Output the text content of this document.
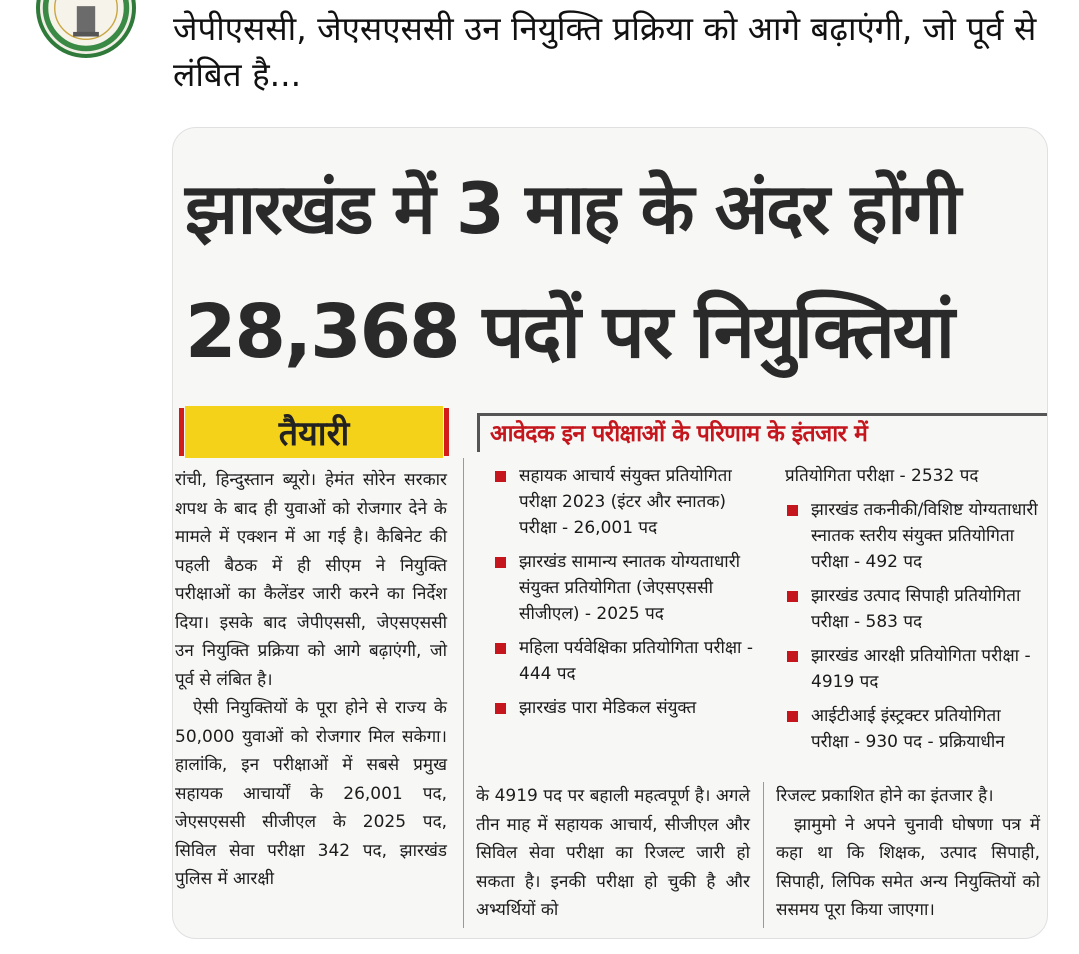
जेपीएससी, जेएसएससी उन नियुक्ति प्रक्रिया को आगे बढ़ाएंगी, जो पूर्व से लंबित है...
झारखंड में 3 माह के अंदर होंगी
28,368 पदों पर नियुक्तियां
तैयारी

रांची, हिन्दुस्तान ब्यूरो। हेमंत सोरेन सरकार शपथ के बाद ही युवाओं को रोजगार देने के मामले में एक्शन में आ गई है। कैबिनेट की पहली बैठक में ही सीएम ने नियुक्ति परीक्षाओं का कैलेंडर जारी करने का निर्देश दिया। इसके बाद जेपीएससी, जेएसएससी उन नियुक्ति प्रक्रिया को आगे बढ़ाएंगी, जो पूर्व से लंबित है।

ऐसी नियुक्तियों के पूरा होने से राज्य के 50,000 युवाओं को रोजगार मिल सकेगा। हालांकि, इन परीक्षाओं में सबसे प्रमुख सहायक आचार्यों के 26,001 पद, जेएसएससी सीजीएल के 2025 पद, सिविल सेवा परीक्षा 342 पद, झारखंड पुलिस में आरक्षी

आवेदक इन परीक्षाओं के परिणाम के इंतजार में
सहायक आचार्य संयुक्त प्रतियोगिता परीक्षा 2023 (इंटर और स्नातक) परीक्षा - 26,001 पद
झारखंड सामान्य स्नातक योग्यताधारी संयुक्त प्रतियोगिता (जेएसएससी सीजीएल) - 2025 पद
महिला पर्यवेक्षिका प्रतियोगिता परीक्षा - 444 पद
झारखंड पारा मेडिकल संयुक्त
प्रतियोगिता परीक्षा - 2532 पद
झारखंड तकनीकी/विशिष्ट योग्यताधारी स्नातक स्तरीय संयुक्त प्रतियोगिता परीक्षा - 492 पद
झारखंड उत्पाद सिपाही प्रतियोगिता परीक्षा - 583 पद
झारखंड आरक्षी प्रतियोगिता परीक्षा - 4919 पद
आईटीआई इंस्ट्रक्टर प्रतियोगिता परीक्षा - 930 पद - प्रक्रियाधीन

के 4919 पद पर बहाली महत्वपूर्ण है। अगले तीन माह में सहायक आचार्य, सीजीएल और सिविल सेवा परीक्षा का रिजल्ट जारी हो सकता है। इनकी परीक्षा हो चुकी है और अभ्यर्थियों को

रिजल्ट प्रकाशित होने का इंतजार है।

झामुमो ने अपने चुनावी घोषणा पत्र में कहा था कि शिक्षक, उत्पाद सिपाही, सिपाही, लिपिक समेत अन्य नियुक्तियों को ससमय पूरा किया जाएगा।
